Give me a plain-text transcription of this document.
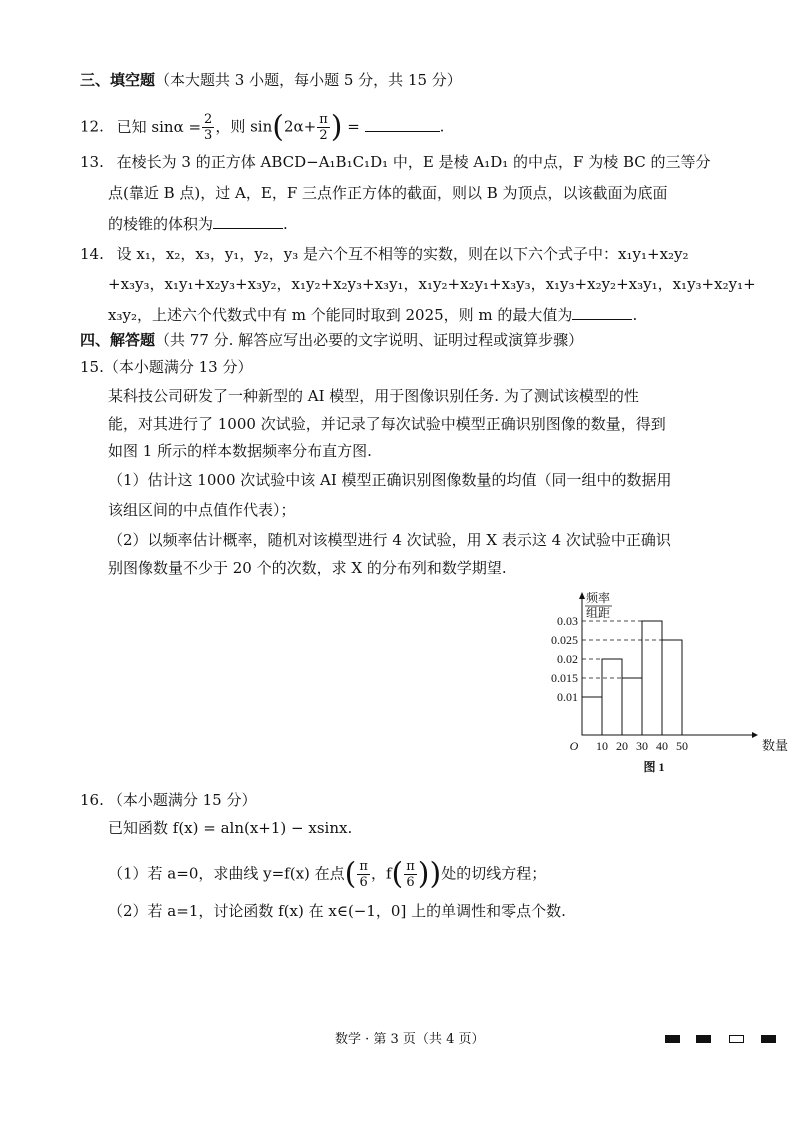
三、填空题（本大题共 3 小题，每小题 5 分，共 15 分）
12. 已知 $\sin\alpha = \frac{2}{3}$ ，则 $\sin(2\alpha+ \frac{\pi}{2}$ ) =	.
13. 在棱长为 3 的正方体 ABCD−A₁B₁C₁D₁ 中，E 是棱 A₁D₁ 的中点，F 为棱 BC 的三等分
点(靠近 B 点)，过 A，E，F 三点作正方体的截面，则以 B 为顶点，以该截面为底面
的棱锥的体积为	.
14. 设 x₁，x₂，x₃，y₁，y₂，y₃ 是六个互不相等的实数，则在以下六个式子中：x₁y₁+x₂y₂
+x₃y₃，x₁y₁+x₂y₃+x₃y₂，x₁y₂+x₂y₃+x₃y₁，x₁y₂+x₂y₁+x₃y₃，x₁y₃+x₂y₂+x₃y₁，x₁y₃+x₂y₁+
x₃y₂，上述六个代数式中有 m 个能同时取到 2025，则 m 的最大值为	.
四、解答题（共 77 分. 解答应写出必要的文字说明、证明过程或演算步骤）
15.（本小题满分 13 分）
某科技公司研发了一种新型的 AI 模型，用于图像识别任务. 为了测试该模型的性
能，对其进行了 1000 次试验，并记录了每次试验中模型正确识别图像的数量，得到
如图 1 所示的样本数据频率分布直方图.
（1）估计这 1000 次试验中该 AI 模型正确识别图像数量的均值（同一组中的数据用
该组区间的中点值作代表）；
（2）以频率估计概率，随机对该模型进行 4 次试验，用 X 表示这 4 次试验中正确识
别图像数量不少于 20 个的次数，求 X 的分布列和数学期望.
0.03
0.025
0.02
0.015
0.01
10 20 30 40 50
O	数量
频率
组距
图 1
16. （本小题满分 15 分）
已知函数 f(x) = aln(x+1) − xsinx.
（1）若 a=0，求曲线 y=f(x) 在点( $\frac{\pi}{6}$ ，$f( \frac{\pi}{6}$ ))处的切线方程；
（2）若 a=1，讨论函数 f(x) 在 x∈(−1，0] 上的单调性和零点个数.
数学 · 第 3 页（共 4 页）
